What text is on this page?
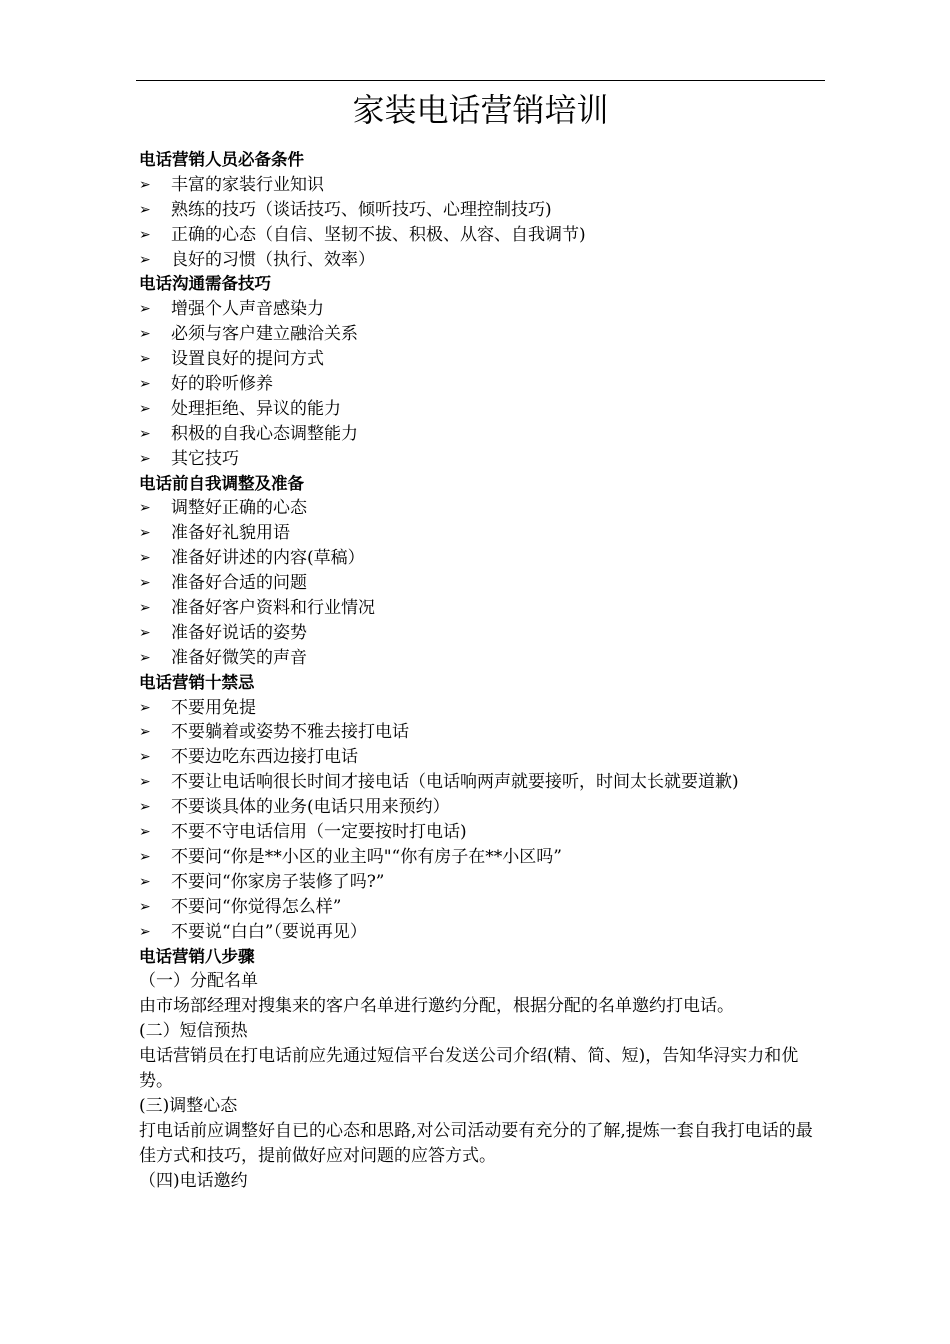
家装电话营销培训
电话营销人员必备条件
➢	丰富的家装行业知识
➢	熟练的技巧（谈话技巧、倾听技巧、心理控制技巧)
➢	正确的心态（自信、坚韧不拔、积极、从容、自我调节)
➢	良好的习惯（执行、效率）
电话沟通需备技巧
➢	增强个人声音感染力
➢	必须与客户建立融洽关系
➢	设置良好的提问方式
➢	好的聆听修养
➢	处理拒绝、异议的能力
➢	积极的自我心态调整能力
➢	其它技巧
电话前自我调整及准备
➢	调整好正确的心态
➢	准备好礼貌用语
➢	准备好讲述的内容(草稿）
➢	准备好合适的问题
➢	准备好客户资料和行业情况
➢	准备好说话的姿势
➢	准备好微笑的声音
电话营销十禁忌
➢	不要用免提
➢	不要躺着或姿势不雅去接打电话
➢	不要边吃东西边接打电话
➢	不要让电话响很长时间才接电话（电话响两声就要接听，时间太长就要道歉)
➢	不要谈具体的业务(电话只用来预约）
➢	不要不守电话信用（一定要按时打电话)
➢	不要问“你是**小区的业主吗"“你有房子在**小区吗”
➢	不要问“你家房子装修了吗?”
➢	不要问“你觉得怎么样”
➢	不要说“白白”（要说再见）
电话营销八步骤
（一）分配名单
由市场部经理对搜集来的客户名单进行邀约分配，根据分配的名单邀约打电话。
(二）短信预热
电话营销员在打电话前应先通过短信平台发送公司介绍(精、简、短)，告知华浔实力和优势。
(三)调整心态
打电话前应调整好自已的心态和思路,对公司活动要有充分的了解,提炼一套自我打电话的最佳方式和技巧，提前做好应对问题的应答方式。
（四)电话邀约
